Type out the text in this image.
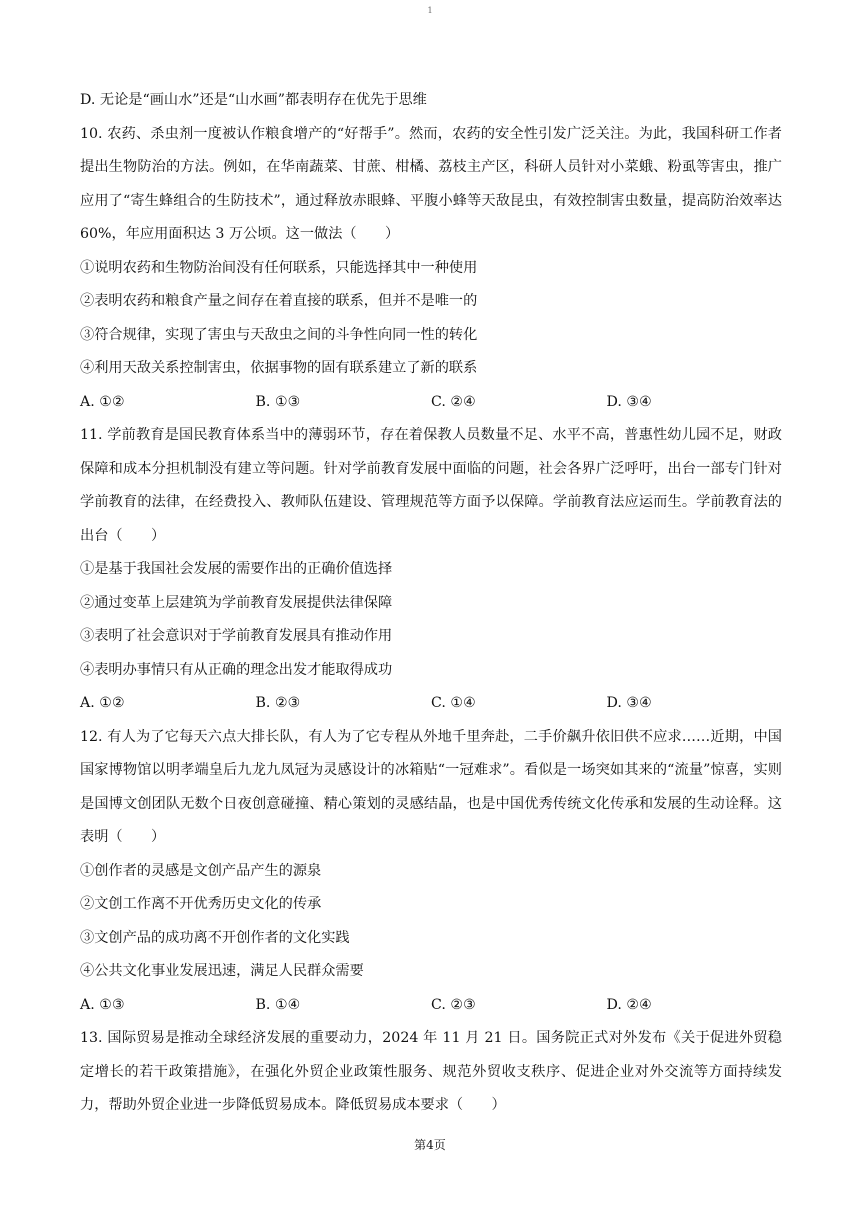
1
D. 无论是“画山水”还是“山水画”都表明存在优先于思维
10. 农药、杀虫剂一度被认作粮食增产的“好帮手”。然而，农药的安全性引发广泛关注。为此，我国科研工作者提出生物防治的方法。例如，在华南蔬菜、甘蔗、柑橘、荔枝主产区，科研人员针对小菜蛾、粉虱等害虫，推广应用了“寄生蜂组合的生防技术”，通过释放赤眼蜂、平腹小蜂等天敌昆虫，有效控制害虫数量，提高防治效率达 60%，年应用面积达 3 万公顷。这一做法（　　）
①说明农药和生物防治间没有任何联系，只能选择其中一种使用
②表明农药和粮食产量之间存在着直接的联系，但并不是唯一的
③符合规律，实现了害虫与天敌虫之间的斗争性向同一性的转化
④利用天敌关系控制害虫，依据事物的固有联系建立了新的联系
A. ①②	B. ①③	C. ②④	D. ③④
11. 学前教育是国民教育体系当中的薄弱环节，存在着保教人员数量不足、水平不高，普惠性幼儿园不足，财政保障和成本分担机制没有建立等问题。针对学前教育发展中面临的问题，社会各界广泛呼吁，出台一部专门针对学前教育的法律，在经费投入、教师队伍建设、管理规范等方面予以保障。学前教育法应运而生。学前教育法的出台（　　）
①是基于我国社会发展的需要作出的正确价值选择
②通过变革上层建筑为学前教育发展提供法律保障
③表明了社会意识对于学前教育发展具有推动作用
④表明办事情只有从正确的理念出发才能取得成功
A. ①②	B. ②③	C. ①④	D. ③④
12. 有人为了它每天六点大排长队，有人为了它专程从外地千里奔赴，二手价飙升依旧供不应求……近期，中国国家博物馆以明孝端皇后九龙九凤冠为灵感设计的冰箱贴“一冠难求”。看似是一场突如其来的“流量”惊喜，实则是国博文创团队无数个日夜创意碰撞、精心策划的灵感结晶，也是中国优秀传统文化传承和发展的生动诠释。这表明（　　）
①创作者的灵感是文创产品产生的源泉
②文创工作离不开优秀历史文化的传承
③文创产品的成功离不开创作者的文化实践
④公共文化事业发展迅速，满足人民群众需要
A. ①③	B. ①④	C. ②③	D. ②④
13. 国际贸易是推动全球经济发展的重要动力，2024 年 11 月 21 日。国务院正式对外发布《关于促进外贸稳定增长的若干政策措施》，在强化外贸企业政策性服务、规范外贸收支秩序、促进企业对外交流等方面持续发力，帮助外贸企业进一步降低贸易成本。降低贸易成本要求（　　）
第4页
